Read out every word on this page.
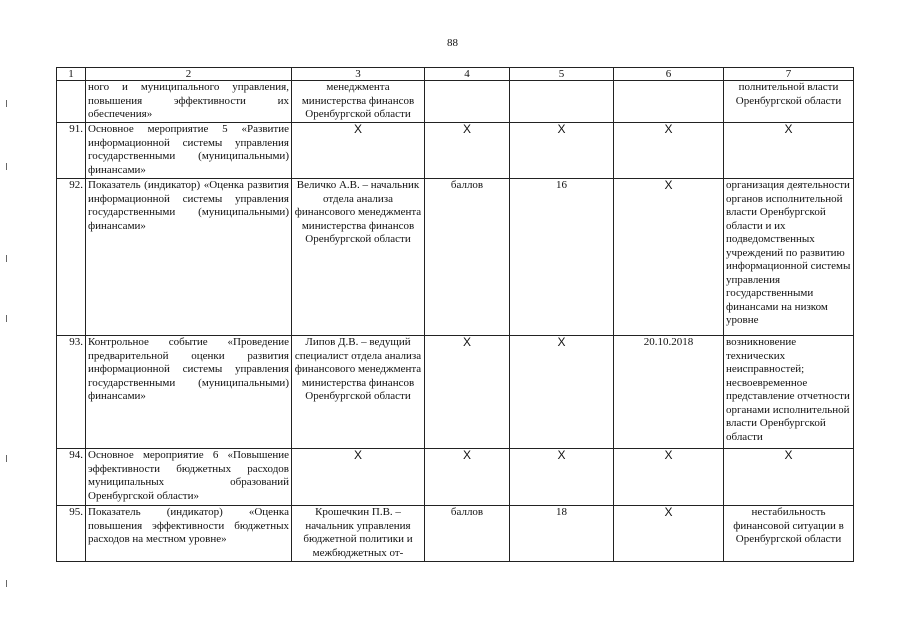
88
1	2	3	4	5	6	7
	ного и муниципального управления, повышения эффективности их обеспечения»	менеджмента министерства финансов Оренбургской области				полнительной власти Оренбургской области
91.	Основное мероприятие 5 «Развитие информационной системы управления государственными (муниципальными) финансами»	X	X	X	X	X
92.	Показатель (индикатор) «Оценка развития информационной системы управления государственными (муниципальными) финансами»	Величко А.В. – начальник отдела анализа финансового менеджмента министерства финансов Оренбургской области	баллов	16	X	организация деятельности органов исполнительной власти Оренбургской области и их подведомственных учреждений по развитию информационной системы управления государственными финансами на низком уровне
93.	Контрольное событие «Проведение предварительной оценки развития информационной системы управления государственными (муниципальными) финансами»	Липов Д.В. – ведущий специалист отдела анализа финансового менеджмента министерства финансов Оренбургской области	X	X	20.10.2018	возникновение технических неисправностей; несвоевременное представление отчетности органами исполнительной власти Оренбургской области
94.	Основное мероприятие 6 «Повышение эффективности бюджетных расходов муниципальных образований Оренбургской области»	X	X	X	X	X
95.	Показатель (индикатор) «Оценка повышения эффективности бюджетных расходов на местном уровне»	Крошечкин П.В. – начальник управления бюджетной политики и межбюджетных от-	баллов	18	X	нестабильность финансовой ситуации в Оренбургской области
